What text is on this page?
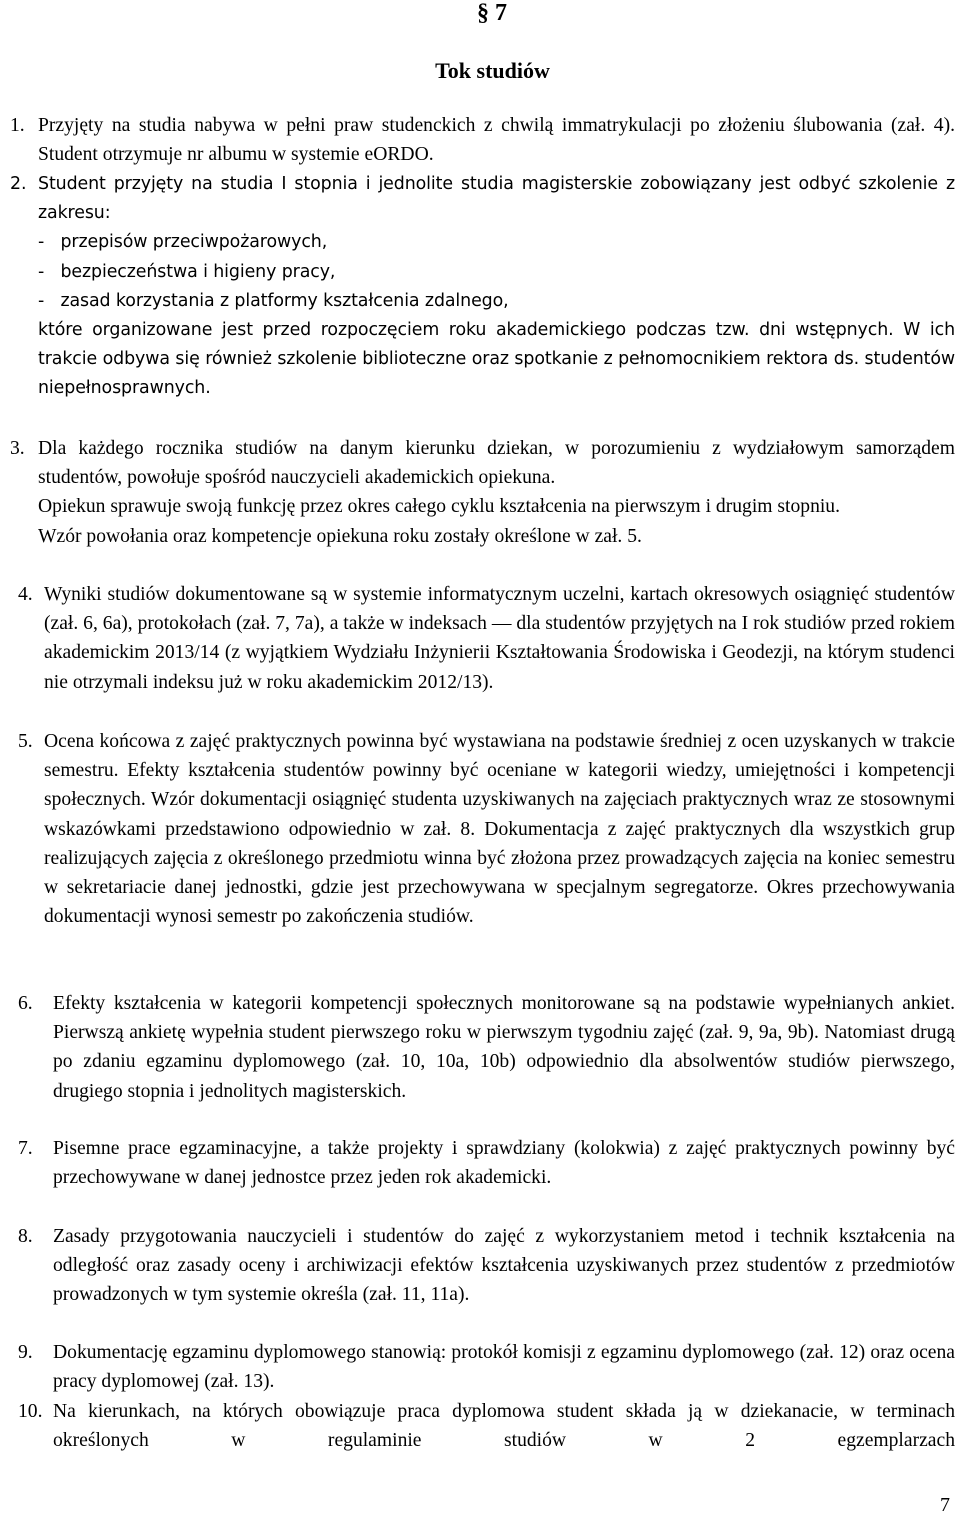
§ 7
Tok studiów
1. Przyjęty na studia nabywa w pełni praw studenckich z chwilą immatrykulacji po złożeniu ślubowania (zał. 4). Student otrzymuje nr albumu w systemie eORDO.

2. Student przyjęty na studia I stopnia i jednolite studia magisterskie zobowiązany jest odbyć szkolenie z zakresu:
-   przepisów przeciwpożarowych,
-   bezpieczeństwa i higieny pracy,
-   zasad korzystania z platformy kształcenia zdalnego,
które organizowane jest przed rozpoczęciem roku akademickiego podczas tzw. dni wstępnych. W ich trakcie odbywa się również szkolenie biblioteczne oraz spotkanie z pełnomocnikiem rektora ds. studentów niepełnosprawnych.
3. Dla każdego rocznika studiów na danym kierunku dziekan, w porozumieniu z wydziałowym samorządem studentów, powołuje spośród nauczycieli akademickich opiekuna.
Opiekun sprawuje swoją funkcję przez okres całego cyklu kształcenia na pierwszym i drugim stopniu.
Wzór powołania oraz kompetencje opiekuna roku zostały określone w zał. 5.
4. Wyniki studiów dokumentowane są w systemie informatycznym uczelni, kartach okresowych osiągnięć studentów (zał. 6, 6a), protokołach (zał. 7, 7a), a także w indeksach — dla studentów przyjętych na I rok studiów przed rokiem akademickim 2013/14 (z wyjątkiem Wydziału Inżynierii Kształtowania Środowiska i Geodezji, na którym studenci nie otrzymali indeksu już w roku akademickim 2012/13).

5. Ocena końcowa z zajęć praktycznych powinna być wystawiana na podstawie średniej z ocen uzyskanych w trakcie semestru. Efekty kształcenia studentów powinny być oceniane w kategorii wiedzy, umiejętności i kompetencji społecznych. Wzór dokumentacji osiągnięć studenta uzyskiwanych na zajęciach praktycznych wraz ze stosownymi wskazówkami przedstawiono odpowiednio w zał. 8. Dokumentacja z zajęć praktycznych dla wszystkich grup realizujących zajęcia z określonego przedmiotu winna być złożona przez prowadzących zajęcia na koniec semestru w sekretariacie danej jednostki, gdzie jest przechowywana w specjalnym segregatorze. Okres przechowywania dokumentacji wynosi semestr po zakończenia studiów.

6. Efekty kształcenia w kategorii kompetencji społecznych monitorowane są na podstawie wypełnianych ankiet. Pierwszą ankietę wypełnia student pierwszego roku w pierwszym tygodniu zajęć (zał. 9, 9a, 9b). Natomiast drugą po zdaniu egzaminu dyplomowego (zał. 10, 10a, 10b) odpowiednio dla absolwentów studiów pierwszego, drugiego stopnia i jednolitych magisterskich.

7. Pisemne prace egzaminacyjne, a także projekty i sprawdziany (kolokwia) z zajęć praktycznych powinny być przechowywane w danej jednostce przez jeden rok akademicki.

8. Zasady przygotowania nauczycieli i studentów do zajęć z wykorzystaniem metod i technik kształcenia na odległość oraz zasady oceny i archiwizacji efektów kształcenia uzyskiwanych przez studentów z przedmiotów prowadzonych w tym systemie określa (zał. 11, 11a).

9. Dokumentację egzaminu dyplomowego stanowią: protokół komisji z egzaminu dyplomowego (zał. 12) oraz ocena pracy dyplomowej (zał. 13).

10. Na kierunkach, na których obowiązuje praca dyplomowa student składa ją w dziekanacie, w terminach określonych w regulaminie studiów w 2 egzemplarzach

7
